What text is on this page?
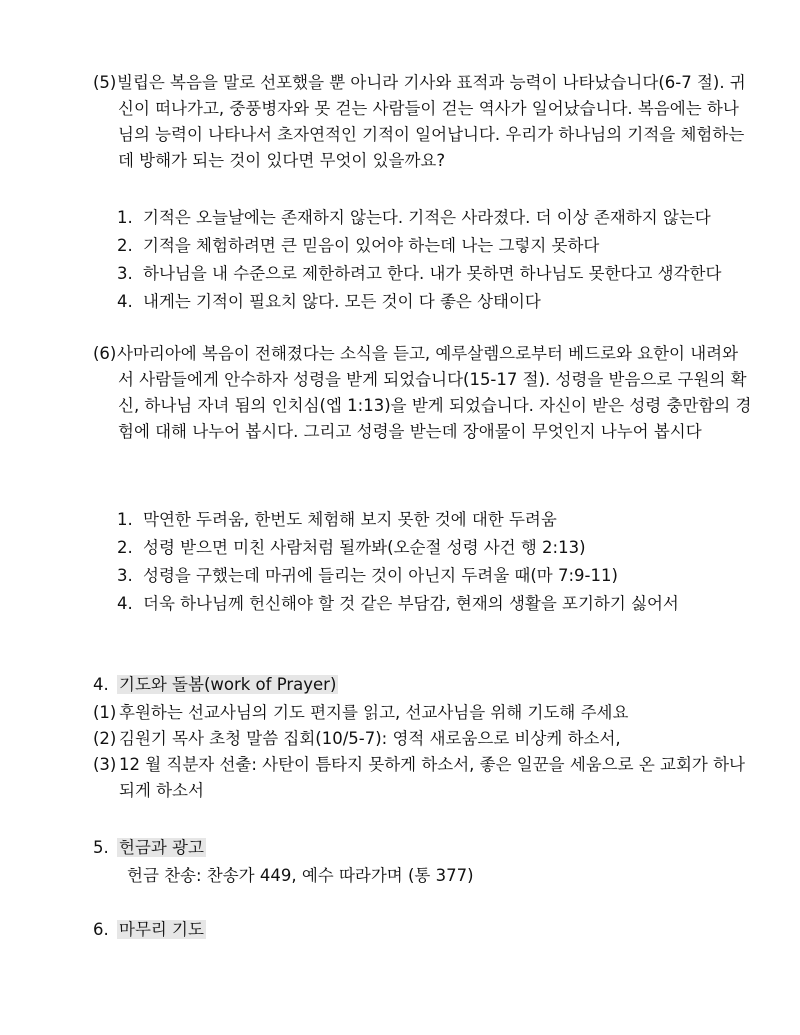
(5) 빌립은 복음을 말로 선포했을 뿐 아니라 기사와 표적과 능력이 나타났습니다(6-7 절). 귀신이 떠나가고, 중풍병자와 못 걷는 사람들이 걷는 역사가 일어났습니다. 복음에는 하나님의 능력이 나타나서 초자연적인 기적이 일어납니다. 우리가 하나님의 기적을 체험하는데 방해가 되는 것이 있다면 무엇이 있을까요?
1. 기적은 오늘날에는 존재하지 않는다. 기적은 사라졌다. 더 이상 존재하지 않는다
2. 기적을 체험하려면 큰 믿음이 있어야 하는데 나는 그렇지 못하다
3. 하나님을 내 수준으로 제한하려고 한다. 내가 못하면 하나님도 못한다고 생각한다
4. 내게는 기적이 필요치 않다. 모든 것이 다 좋은 상태이다
(6) 사마리아에 복음이 전해졌다는 소식을 듣고, 예루살렘으로부터 베드로와 요한이 내려와서 사람들에게 안수하자 성령을 받게 되었습니다(15-17 절). 성령을 받음으로 구원의 확신, 하나님 자녀 됨의 인치심(엡 1:13)을 받게 되었습니다. 자신이 받은 성령 충만함의 경험에 대해 나누어 봅시다. 그리고 성령을 받는데 장애물이 무엇인지 나누어 봅시다
1. 막연한 두려움, 한번도 체험해 보지 못한 것에 대한 두려움
2. 성령 받으면 미친 사람처럼 될까봐(오순절 성령 사건 행 2:13)
3. 성령을 구했는데 마귀에 들리는 것이 아닌지 두려울 때(마 7:9-11)
4. 더욱 하나님께 헌신해야 할 것 같은 부담감, 현재의 생활을 포기하기 싫어서
4. 기도와 돌봄(work of Prayer)
(1) 후원하는 선교사님의 기도 편지를 읽고, 선교사님을 위해 기도해 주세요
(2) 김원기 목사 초청 말씀 집회(10/5-7): 영적 새로움으로 비상케 하소서,
(3) 12 월 직분자 선출: 사탄이 틈타지 못하게 하소서, 좋은 일꾼을 세움으로 온 교회가 하나되게 하소서
5. 헌금과 광고
헌금 찬송: 찬송가 449, 예수 따라가며 (통 377)
6. 마무리 기도
